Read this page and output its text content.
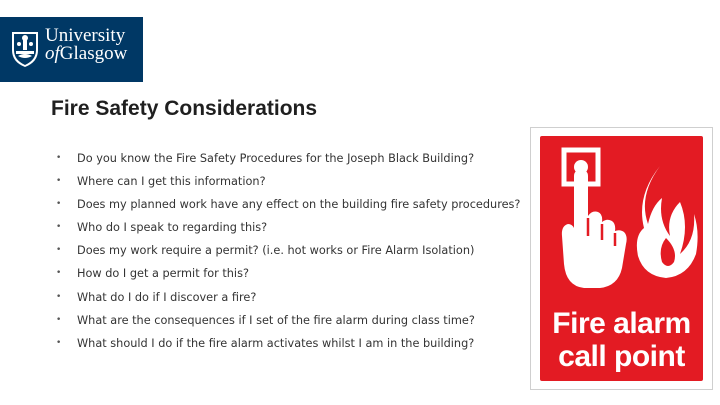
University
ofGlasgow
Fire Safety Considerations
• Do you know the Fire Safety Procedures for the Joseph Black Building?
• Where can I get this information?
• Does my planned work have any effect on the building fire safety procedures?
• Who do I speak to regarding this?
• Does my work require a permit? (i.e. hot works or Fire Alarm Isolation)
• How do I get a permit for this?
• What do I do if I discover a fire?
• What are the consequences if I set of the fire alarm during class time?
• What should I do if the fire alarm activates whilst I am in the building?
Fire alarm
call point
